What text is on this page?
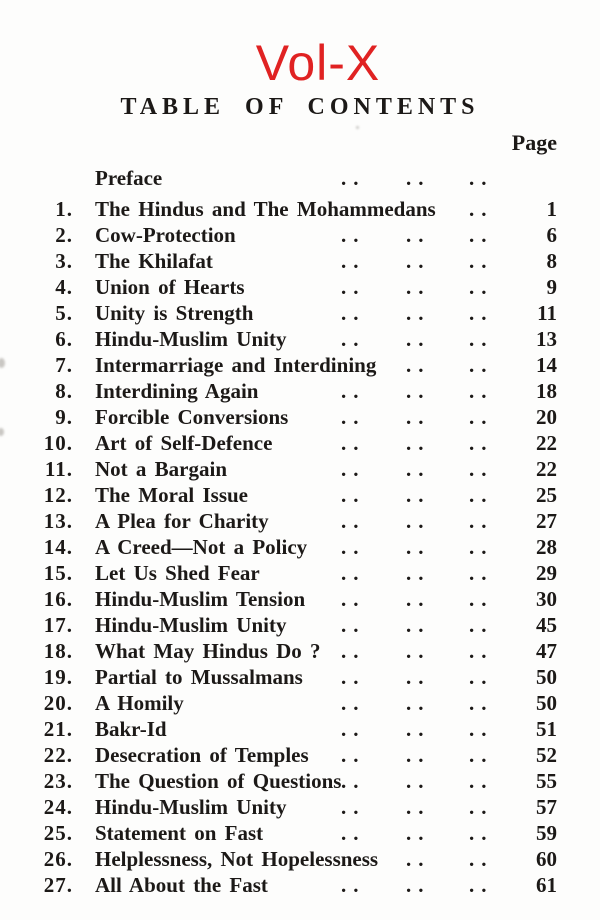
Vol-X
TABLE OF CONTENTS
Page
Preface	.. .. ..
1. The Hindus and The Mohammedans ..	1
2. Cow-Protection	.. .. ..	6
3. The Khilafat	.. .. ..	8
4. Union of Hearts	.. .. ..	9
5. Unity is Strength	.. .. ..	11
6. Hindu-Muslim Unity	.. .. ..	13
7. Intermarriage and Interdining .. ..	14
8. Interdining Again	.. .. ..	18
9. Forcible Conversions	.. .. ..	20
10. Art of Self-Defence	.. .. ..	22
11. Not a Bargain	.. .. ..	22
12. The Moral Issue	.. .. ..	25
13. A Plea for Charity	.. .. ..	27
14. A Creed—Not a Policy .. .. ..	28
15. Let Us Shed Fear	.. .. ..	29
16. Hindu-Muslim Tension .. .. ..	30
17. Hindu-Muslim Unity	.. .. ..	45
18. What May Hindus Do ? .. .. ..	47
19. Partial to Mussalmans .. .. ..	50
20. A Homily	.. .. ..	50
21. Bakr-Id	.. .. ..	51
22. Desecration of Temples .. .. ..	52
23. The Question of Questions .. .. ..	55
24. Hindu-Muslim Unity	.. .. ..	57
25. Statement on Fast	.. .. ..	59
26. Helplessness, Not Hopelessness .. ..	60
27. All About the Fast	.. .. ..	61
